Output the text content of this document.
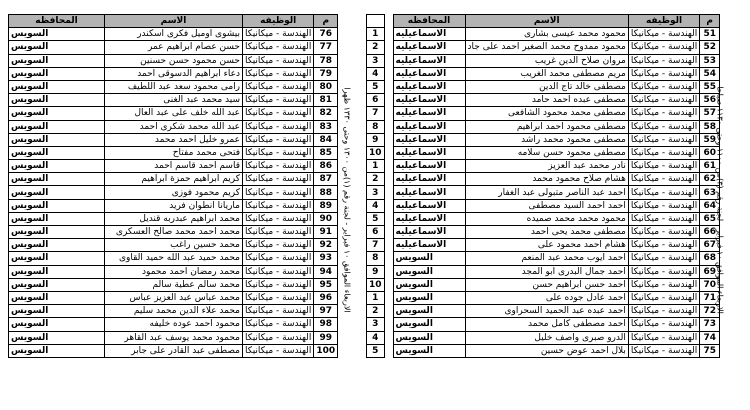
م	الوظيفه	الاسم	المحافظه
76	الهندسة - ميكانيكا	بيشوى اوميل فكرى اسكندر	السويس
77	الهندسة - ميكانيكا	حسن عصام ابراهيم عمر	السويس
78	الهندسة - ميكانيكا	حسن محمود حسن حسنين	السويس
79	الهندسة - ميكانيكا	دعاء ابراهيم الدسوقى احمد	السويس
80	الهندسة - ميكانيكا	رامى محمود سعد عبد اللطيف	السويس
81	الهندسة - ميكانيكا	سيد محمد عبد الغنى	السويس
82	الهندسة - ميكانيكا	عبد الله خلف على عبد العال	السويس
83	الهندسة - ميكانيكا	عبد الله محمد شكرى احمد	السويس
84	الهندسة - ميكانيكا	عمرو خليل احمد محمد	السويس
85	الهندسة - ميكانيكا	فتحى محمد مفتاح	السويس
86	الهندسة - ميكانيكا	قاسم احمد قاسم احمد	السويس
87	الهندسة - ميكانيكا	كريم ابراهيم حمزة ابراهيم	السويس
88	الهندسة - ميكانيكا	كريم محمود فوزى	السويس
89	الهندسة - ميكانيكا	ماريانا انطوان فريد	السويس
90	الهندسة - ميكانيكا	محمد ابراهيم عبدربه قنديل	السويس
91	الهندسة - ميكانيكا	محمد احمد محمد صالح العسكرى	السويس
92	الهندسة - ميكانيكا	محمد حسين راغب	السويس
93	الهندسة - ميكانيكا	محمد حميد عبد الله حميد القاوى	السويس
94	الهندسة - ميكانيكا	محمد رمضان احمد محمود	السويس
95	الهندسة - ميكانيكا	محمد سالم عطية سالم	السويس
96	الهندسة - ميكانيكا	محمد عباس عبد العزيز عباس	السويس
97	الهندسة - ميكانيكا	محمد علاء الدين محمد سليم	السويس
98	الهندسة - ميكانيكا	محمود احمد عوده خليفه	السويس
99	الهندسة - ميكانيكا	محمود محمد يوسف عبد القاهر	السويس
100	الهندسة - ميكانيكا	مصطفى عبد القادر على جابر	السويس
الاربعاء الموافق ١٠ فبراير - لجنة رقم (١)من ١٣٠٠ وحتى ١٣٣٠ ظهرا
م	الوظيفه	الاسم	المحافظه		
51	الهندسة - ميكانيكا	محمود محمد عيسى بشارى	الاسماعيليه		1
52	الهندسة - ميكانيكا	محمود ممدوح محمد الصغير احمد على جاد	الاسماعيليه		2
53	الهندسة - ميكانيكا	مروان صلاح الدين غريب	الاسماعيليه		3
54	الهندسة - ميكانيكا	مريم مصطفى محمد الغريب	الاسماعيليه		4
55	الهندسة - ميكانيكا	مصطفى خالد تاج الدين	الاسماعيليه		5
56	الهندسة - ميكانيكا	مصطفى عبده احمد حامد	الاسماعيليه		6
57	الهندسة - ميكانيكا	مصطفى محمد محمود الشافعى	الاسماعيليه		7
58	الهندسة - ميكانيكا	مصطفى محمود احمد ابراهيم	الاسماعيليه		8
59	الهندسة - ميكانيكا	مصطفى محمود محمد راشد	الاسماعيليه		9
60	الهندسة - ميكانيكا	مصطفى محمود حسن سلامه	الاسماعيليه		10
61	الهندسة - ميكانيكا	نادر محمد عبد العزيز	الاسماعيليه		1
62	الهندسة - ميكانيكا	هشام صلاح محمود محمد	الاسماعيليه		2
63	الهندسة - ميكانيكا	احمد عبد الناصر متبولى عبد الغفار	الاسماعيليه		3
64	الهندسة - ميكانيكا	احمد احمد السيد مصطفى	الاسماعيليه		4
65	الهندسة - ميكانيكا	محمود محمد محمد صميده	الاسماعيليه		5
66	الهندسة - ميكانيكا	مصطفى محمد يحى احمد	الاسماعيليه		6
67	الهندسة - ميكانيكا	هشام احمد محمود على	الاسماعيليه		7
68	الهندسة - ميكانيكا	احمد ايوب محمد عبد المنعم	السويس		8
69	الهندسة - ميكانيكا	احمد جمال البدرى ابو المجد	السويس		9
70	الهندسة - ميكانيكا	احمد حسن ابراهيم حسن	السويس		10
71	الهندسة - ميكانيكا	احمد عادل جوده على	السويس		1
72	الهندسة - ميكانيكا	احمد عبده عبد الحميد السحراوى	السويس		2
73	الهندسة - ميكانيكا	احمد مصطفى كامل محمد	السويس		3
74	الهندسة - ميكانيكا	الدرو صبرى واصف خليل	السويس		4
75	الهندسة - ميكانيكا	بلال احمد عوض حسين	السويس		5
الاربعاء الموافق ١٠ فبراير - لجنة رقم (٣)من ١١٠٠ وحتى ١١٣٠ صباحا
